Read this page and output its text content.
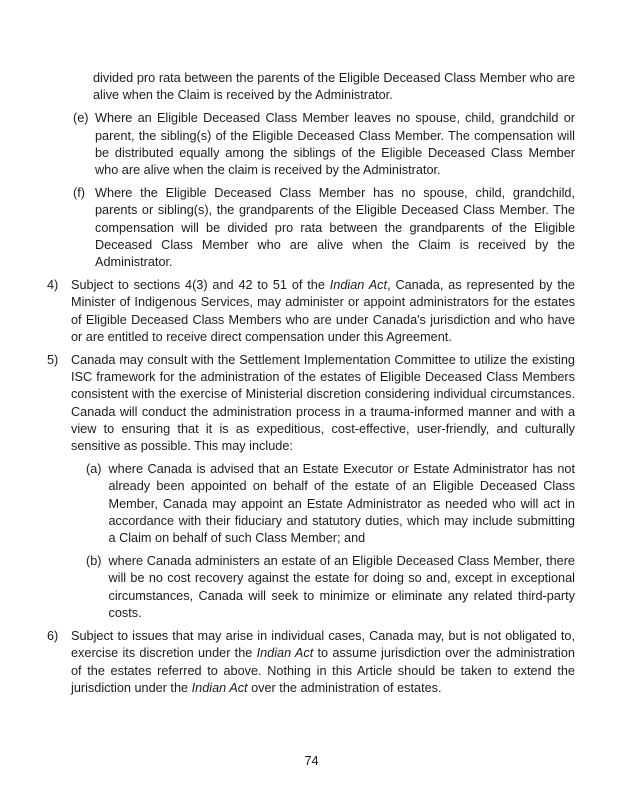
divided pro rata between the parents of the Eligible Deceased Class Member who are alive when the Claim is received by the Administrator.

(e) Where an Eligible Deceased Class Member leaves no spouse, child, grandchild or parent, the sibling(s) of the Eligible Deceased Class Member. The compensation will be distributed equally among the siblings of the Eligible Deceased Class Member who are alive when the claim is received by the Administrator.

(f) Where the Eligible Deceased Class Member has no spouse, child, grandchild, parents or sibling(s), the grandparents of the Eligible Deceased Class Member. The compensation will be divided pro rata between the grandparents of the Eligible Deceased Class Member who are alive when the Claim is received by the Administrator.

4) Subject to sections 4(3) and 42 to 51 of the Indian Act, Canada, as represented by the Minister of Indigenous Services, may administer or appoint administrators for the estates of Eligible Deceased Class Members who are under Canada's jurisdiction and who have or are entitled to receive direct compensation under this Agreement.

5) Canada may consult with the Settlement Implementation Committee to utilize the existing ISC framework for the administration of the estates of Eligible Deceased Class Members consistent with the exercise of Ministerial discretion considering individual circumstances. Canada will conduct the administration process in a trauma-informed manner and with a view to ensuring that it is as expeditious, cost-effective, user-friendly, and culturally sensitive as possible. This may include:

(a) where Canada is advised that an Estate Executor or Estate Administrator has not already been appointed on behalf of the estate of an Eligible Deceased Class Member, Canada may appoint an Estate Administrator as needed who will act in accordance with their fiduciary and statutory duties, which may include submitting a Claim on behalf of such Class Member; and

(b) where Canada administers an estate of an Eligible Deceased Class Member, there will be no cost recovery against the estate for doing so and, except in exceptional circumstances, Canada will seek to minimize or eliminate any related third-party costs.

6) Subject to issues that may arise in individual cases, Canada may, but is not obligated to, exercise its discretion under the Indian Act to assume jurisdiction over the administration of the estates referred to above. Nothing in this Article should be taken to extend the jurisdiction under the Indian Act over the administration of estates.

74
